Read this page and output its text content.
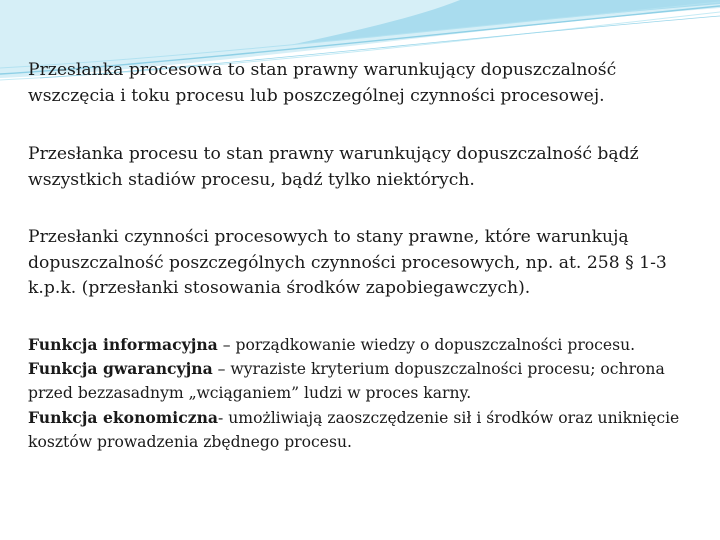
Przesłanka procesowa to stan prawny warunkujący dopuszczalność wszczęcia i toku procesu lub poszczególnej czynności procesowej.

Przesłanka procesu to stan prawny warunkujący dopuszczalność bądź wszystkich stadiów procesu, bądź tylko niektórych.

Przesłanki czynności procesowych to stany prawne, które warunkują dopuszczalność poszczególnych czynności procesowych, np. at. 258 § 1-3 k.p.k. (przesłanki stosowania środków zapobiegawczych).

Funkcja informacyjna – porządkowanie wiedzy o dopuszczalności procesu.

Funkcja gwarancyjna – wyraziste kryterium dopuszczalności procesu; ochrona przed bezzasadnym „wciąganiem” ludzi w proces karny.

Funkcja ekonomiczna- umożliwiają zaoszczędzenie sił i środków oraz uniknięcie kosztów prowadzenia zbędnego procesu.
